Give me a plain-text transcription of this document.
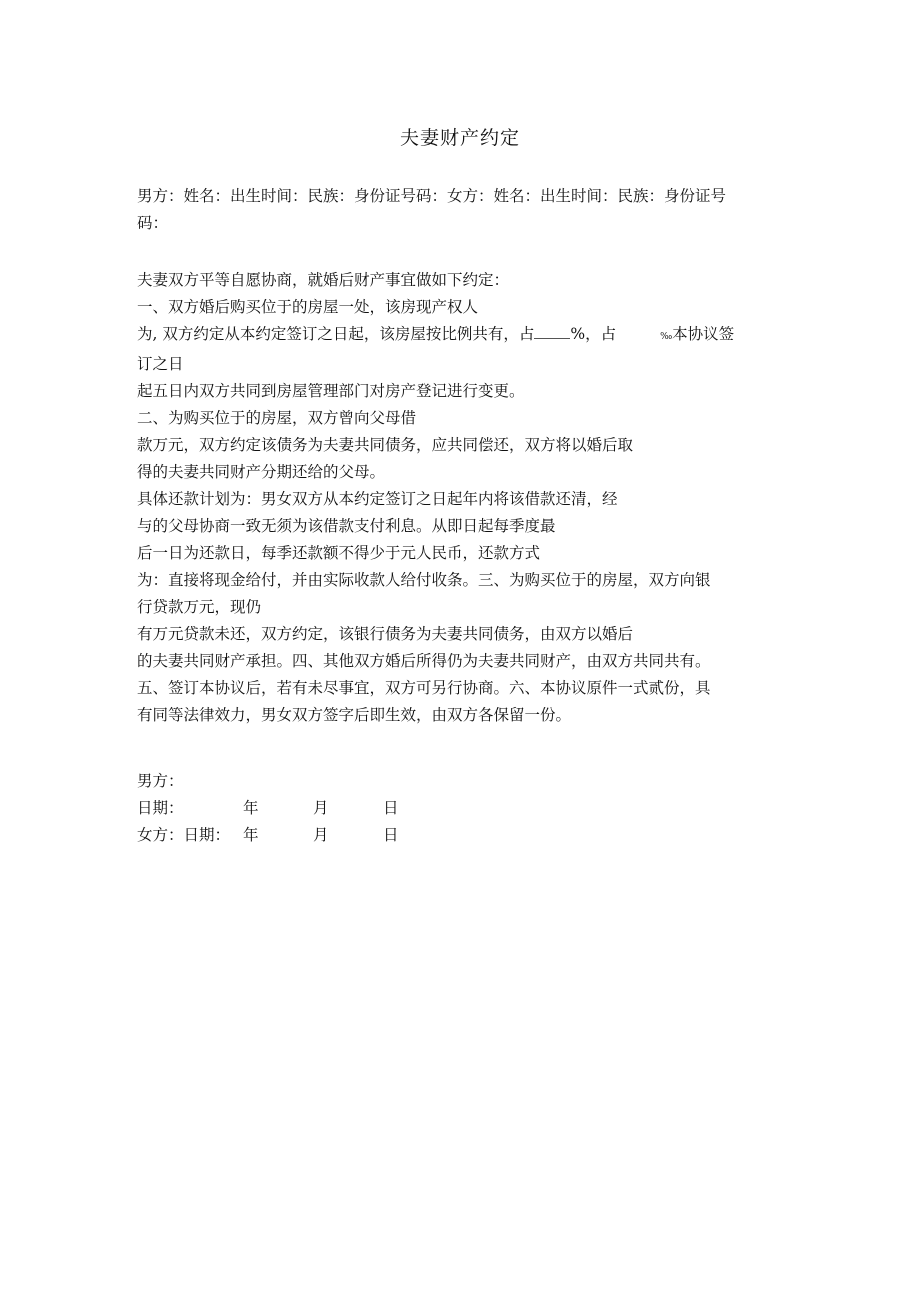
夫妻财产约定
男方：姓名：出生时间：民族：身份证号码：女方：姓名：出生时间：民族：身份证号
码：
夫妻双方平等自愿协商，就婚后财产事宜做如下约定：
一、双方婚后购买位于的房屋一处，该房现产权人
为, 双方约定从本约定签订之日起，该房屋按比例共有，占 %，占	‰本协议签
订之日
起五日内双方共同到房屋管理部门对房产登记进行变更。
二、为购买位于的房屋，双方曾向父母借
款万元，双方约定该债务为夫妻共同债务，应共同偿还，双方将以婚后取
得的夫妻共同财产分期还给的父母。
具体还款计划为：男女双方从本约定签订之日起年内将该借款还清，经
与的父母协商一致无须为该借款支付利息。从即日起每季度最
后一日为还款日，每季还款额不得少于元人民币，还款方式
为：直接将现金给付，并由实际收款人给付收条。三、为购买位于的房屋，双方向银
行贷款万元，现仍
有万元贷款未还，双方约定，该银行债务为夫妻共同债务，由双方以婚后
的夫妻共同财产承担。四、其他双方婚后所得仍为夫妻共同财产，由双方共同共有。
五、签订本协议后，若有未尽事宜，双方可另行协商。六、本协议原件一式贰份，具
有同等法律效力，男女双方签字后即生效，由双方各保留一份。
男方：
日期：	年	月	日
女方：日期： 年	月	日
